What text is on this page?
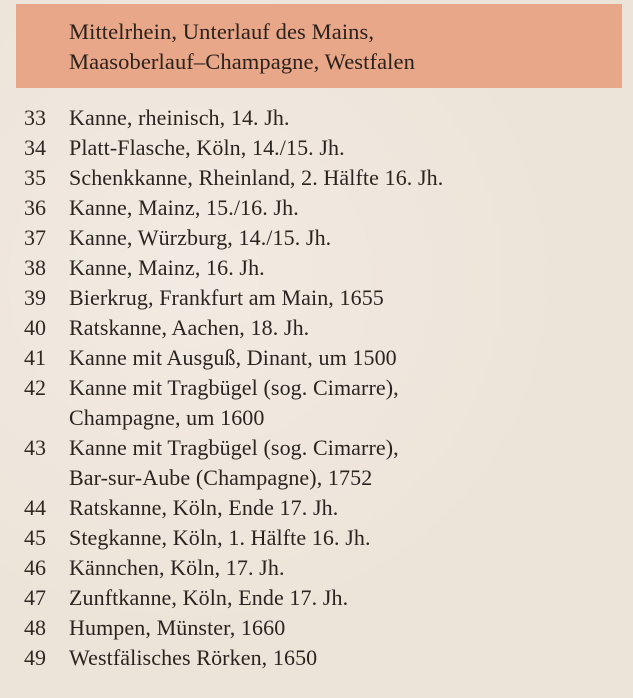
Mittelrhein, Unterlauf des Mains,
Maasoberlauf–Champagne, Westfalen
33	Kanne, rheinisch, 14. Jh.
34	Platt-Flasche, Köln, 14./15. Jh.
35	Schenkkanne, Rheinland, 2. Hälfte 16. Jh.
36	Kanne, Mainz, 15./16. Jh.
37	Kanne, Würzburg, 14./15. Jh.
38	Kanne, Mainz, 16. Jh.
39	Bierkrug, Frankfurt am Main, 1655
40	Ratskanne, Aachen, 18. Jh.
41	Kanne mit Ausguß, Dinant, um 1500
42	Kanne mit Tragbügel (sog. Cimarre),
Champagne, um 1600
43	Kanne mit Tragbügel (sog. Cimarre),
Bar-sur-Aube (Champagne), 1752
44	Ratskanne, Köln, Ende 17. Jh.
45	Stegkanne, Köln, 1. Hälfte 16. Jh.
46	Kännchen, Köln, 17. Jh.
47	Zunftkanne, Köln, Ende 17. Jh.
48	Humpen, Münster, 1660
49	Westfälisches Rörken, 1650
